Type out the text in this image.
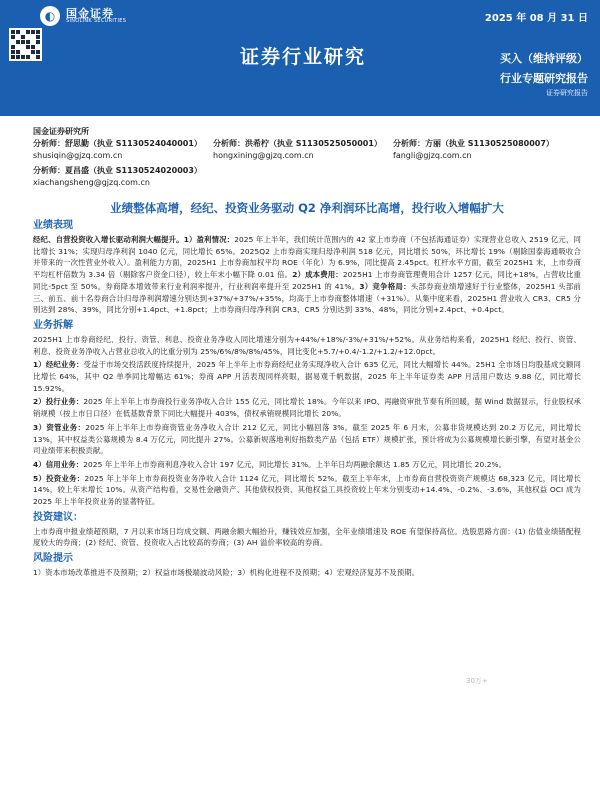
◐ 国金证券
SINOLINK SECURITIES	2025 年 08 月 31 日
证券行业研究	买入（维持评级）
行业专题研究报告
证券研究报告
国金证券研究所
分析师：舒思勤（执业 S1130524040001）
shusiqin@gjzq.com.cn
分析师：洪希柠（执业 S1130525050001）
hongxining@gjzq.com.cn
分析师：方丽（执业 S1130525080007）
fangli@gjzq.com.cn
分析师：夏昌盛（执业 S1130524020003）
xiachangsheng@gjzq.com.cn
业绩整体高增，经纪、投资业务驱动 Q2 净利润环比高增，投行收入增幅扩大
业绩表现

经纪、自营投资收入增长驱动利润大幅提升。1）盈利情况：2025 年上半年，我们统计范围内的 42 家上市券商（不包括海通证券）实现营业总收入 2519 亿元，同比增长 31%；实现归母净利润 1040 亿元，同比增长 65%。2025Q2 上市券商实现归母净利润 518 亿元，同比增长 50%，环比增长 19%（剔除国泰海通吸收合并带来的一次性营业外收入）。盈利能力方面，2025H1 上市券商加权平均 ROE（年化）为 6.9%，同比提高 2.45pct。杠杆水平方面，截至 2025H1 末，上市券商平均杠杆倍数为 3.34 倍（剔除客户资金口径），较上年末小幅下降 0.01 倍。2）成本费用：2025H1 上市券商管理费用合计 1257 亿元，同比+18%，占营收比重同比-5pct 至 50%。券商降本增效带来行业利润率提升，行业利润率提升至 2025H1 的 41%。3）竞争格局：头部券商业绩增速好于行业整体，2025H1 头部前三、前五、前十名券商合计归母净利润增速分别达到+37%/+37%/+35%，均高于上市券商整体增速（+31%）。从集中度来看，2025H1 营业收入 CR3、CR5 分别达到 28%、39%，同比分别+1.4pct、+1.8pct；上市券商归母净利润 CR3、CR5 分别达到 33%、48%，同比分别+2.4pct、+0.4pct。

业务拆解

2025H1 上市券商经纪、投行、资管、利息、投资业务净收入同比增速分别为+44%/+18%/-3%/+31%/+52%。从业务结构来看，2025H1 经纪、投行、资管、利息、投资业务净收入占营业总收入的比重分别为 25%/6%/8%/8%/45%，同比变化+5.7/+0.4/-1.2/+1.2/+12.0pct。

1）经纪业务：受益于市场交投活跃度持续提升，2025 年上半年上市券商经纪业务实现净收入合计 635 亿元，同比大幅增长 44%。25H1 全市场日均股基成交额同比增长 64%，其中 Q2 单季同比增幅达 61%；券商 APP 月活表现同样亮眼，据易观千帆数据，2025 年上半年证券类 APP 月活用户数达 9.88 亿，同比增长 15.92%。

2）投行业务：2025 年上半年上市券商投行业务净收入合计 155 亿元，同比增长 18%。今年以来 IPO、再融资审批节奏有所回暖，据 Wind 数据显示，行业股权承销规模（按上市日口径）在低基数背景下同比大幅提升 403%，债权承销规模同比增长 20%。

3）资管业务：2025 年上半年上市券商资管业务净收入合计 212 亿元，同比小幅回落 3%。截至 2025 年 6 月末，公募非货规模达到 20.2 万亿元，同比增长 13%，其中权益类公募规模为 8.4 万亿元，同比提升 27%。公募新规落地利好指数类产品（包括 ETF）规模扩张，预计将成为公募规模增长新引擎，有望对基金公司业绩带来积极贡献。

4）信用业务：2025 年上半年上市券商利息净收入合计 197 亿元，同比增长 31%。上半年日均两融余额达 1.85 万亿元，同比增长 20.2%。

5）投资业务：2025 年上半年上市券商投资业务净收入合计 1124 亿元，同比增长 52%。截至上半年末，上市券商自营投资资产规模达 68,323 亿元，同比增长 14%，较上年末增长 10%。从资产结构看，交易性金融资产、其他债权投资、其他权益工具投资较上年末分别变动+14.4%、-0.2%、-3.6%，其他权益 OCI 成为 2025 年上半年投资业务的显著特征。

投资建议：

上市券商中报业绩超预期，7 月以来市场日均成交额、两融余额大幅抬升，赚钱效应加强，全年业绩增速及 ROE 有望保持高位。选股思路方面：(1) 估值业绩错配程度较大的券商；(2) 经纪、资管、投资收入占比较高的券商；(3) AH 溢价率较高的券商。

风险提示

1）资本市场改革推进不及预期；2）权益市场极端波动风险；3）机构化进程不及预期；4）宏观经济复苏不及预期。

30万+
